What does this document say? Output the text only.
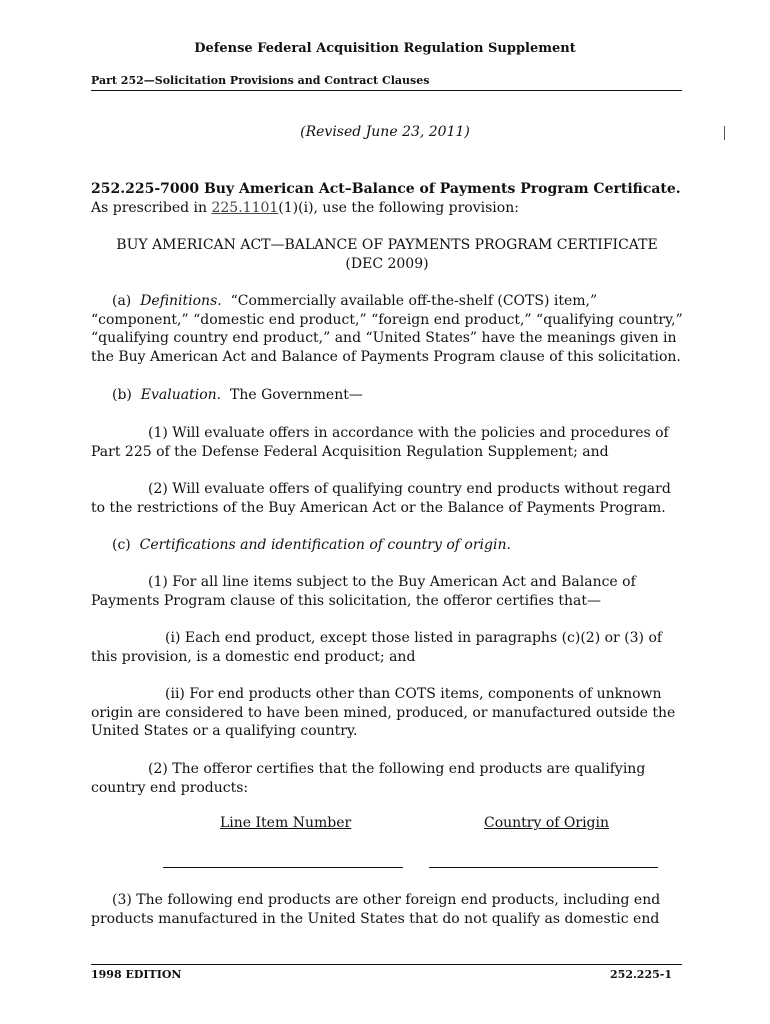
Defense Federal Acquisition Regulation Supplement
Part 252—Solicitation Provisions and Contract Clauses
(Revised June 23, 2011)
252.225-7000 Buy American Act–Balance of Payments Program Certificate.
As prescribed in 225.1101(1)(i), use the following provision:
BUY AMERICAN ACT—BALANCE OF PAYMENTS PROGRAM CERTIFICATE
(DEC 2009)
(a) Definitions. “Commercially available off-the-shelf (COTS) item,” “component,” “domestic end product,” “foreign end product,” “qualifying country,” “qualifying country end product,” and “United States” have the meanings given in the Buy American Act and Balance of Payments Program clause of this solicitation.
(b) Evaluation. The Government—
(1) Will evaluate offers in accordance with the policies and procedures of Part 225 of the Defense Federal Acquisition Regulation Supplement; and
(2) Will evaluate offers of qualifying country end products without regard to the restrictions of the Buy American Act or the Balance of Payments Program.
(c) Certifications and identification of country of origin.
(1) For all line items subject to the Buy American Act and Balance of Payments Program clause of this solicitation, the offeror certifies that—
(i) Each end product, except those listed in paragraphs (c)(2) or (3) of this provision, is a domestic end product; and
(ii) For end products other than COTS items, components of unknown origin are considered to have been mined, produced, or manufactured outside the United States or a qualifying country.
(2) The offeror certifies that the following end products are qualifying country end products:
Line Item Number	Country of Origin
(3) The following end products are other foreign end products, including end products manufactured in the United States that do not qualify as domestic end
1998 EDITION	252.225-1
